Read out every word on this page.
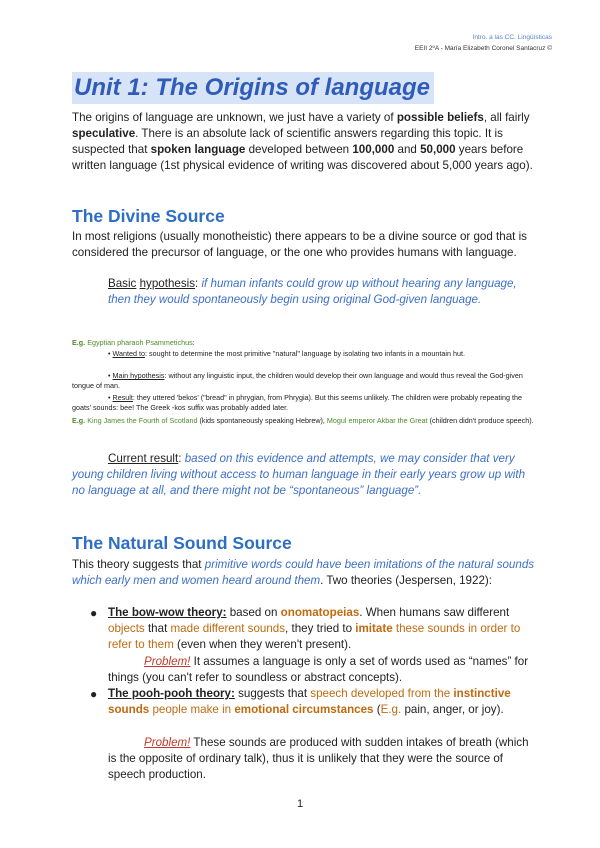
Intro. a las CC. Lingüísticas
EEII 2ºA - María Elizabeth Coronel Santacruz ©
Unit 1: The Origins of language

The origins of language are unknown, we just have a variety of possible beliefs, all fairly speculative. There is an absolute lack of scientific answers regarding this topic. It is suspected that spoken language developed between 100,000 and 50,000 years before written language (1st physical evidence of writing was discovered about 5,000 years ago).

The Divine Source

In most religions (usually monotheistic) there appears to be a divine source or god that is considered the precursor of language, or the one who provides humans with language.

Basic hypothesis: if human infants could grow up without hearing any language, then they would spontaneously begin using original God-given language.

E.g. Egyptian pharaoh Psammetichus:

• Wanted to: sought to determine the most primitive "natural" language by isolating two infants in a mountain hut.

• Main hypothesis: without any linguistic input, the children would develop their own language and would thus reveal the God-given tongue of man.

• Result: they uttered 'bekos' ("bread" in phrygian, from Phrygia). But this seems unlikely. The children were probably repeating the goats' sounds: bee! The Greek -kos suffix was probably added later.

E.g. King James the Fourth of Scotland (kids spontaneously speaking Hebrew), Mogul emperor Akbar the Great (children didn't produce speech).

Current result: based on this evidence and attempts, we may consider that very young children living without access to human language in their early years grow up with no language at all, and there might not be “spontaneous” language”.

The Natural Sound Source

This theory suggests that primitive words could have been imitations of the natural sounds which early men and women heard around them. Two theories (Jespersen, 1922):

● The bow-wow theory: based on onomatopeias. When humans saw different objects that made different sounds, they tried to imitate these sounds in order to refer to them (even when they weren't present).
Problem! It assumes a language is only a set of words used as “names” for things (you can't refer to soundless or abstract concepts).
● The pooh-pooh theory: suggests that speech developed from the instinctive sounds people make in emotional circumstances (E.g. pain, anger, or joy).
Problem! These sounds are produced with sudden intakes of breath (which is the opposite of ordinary talk), thus it is unlikely that they were the source of speech production.
1
